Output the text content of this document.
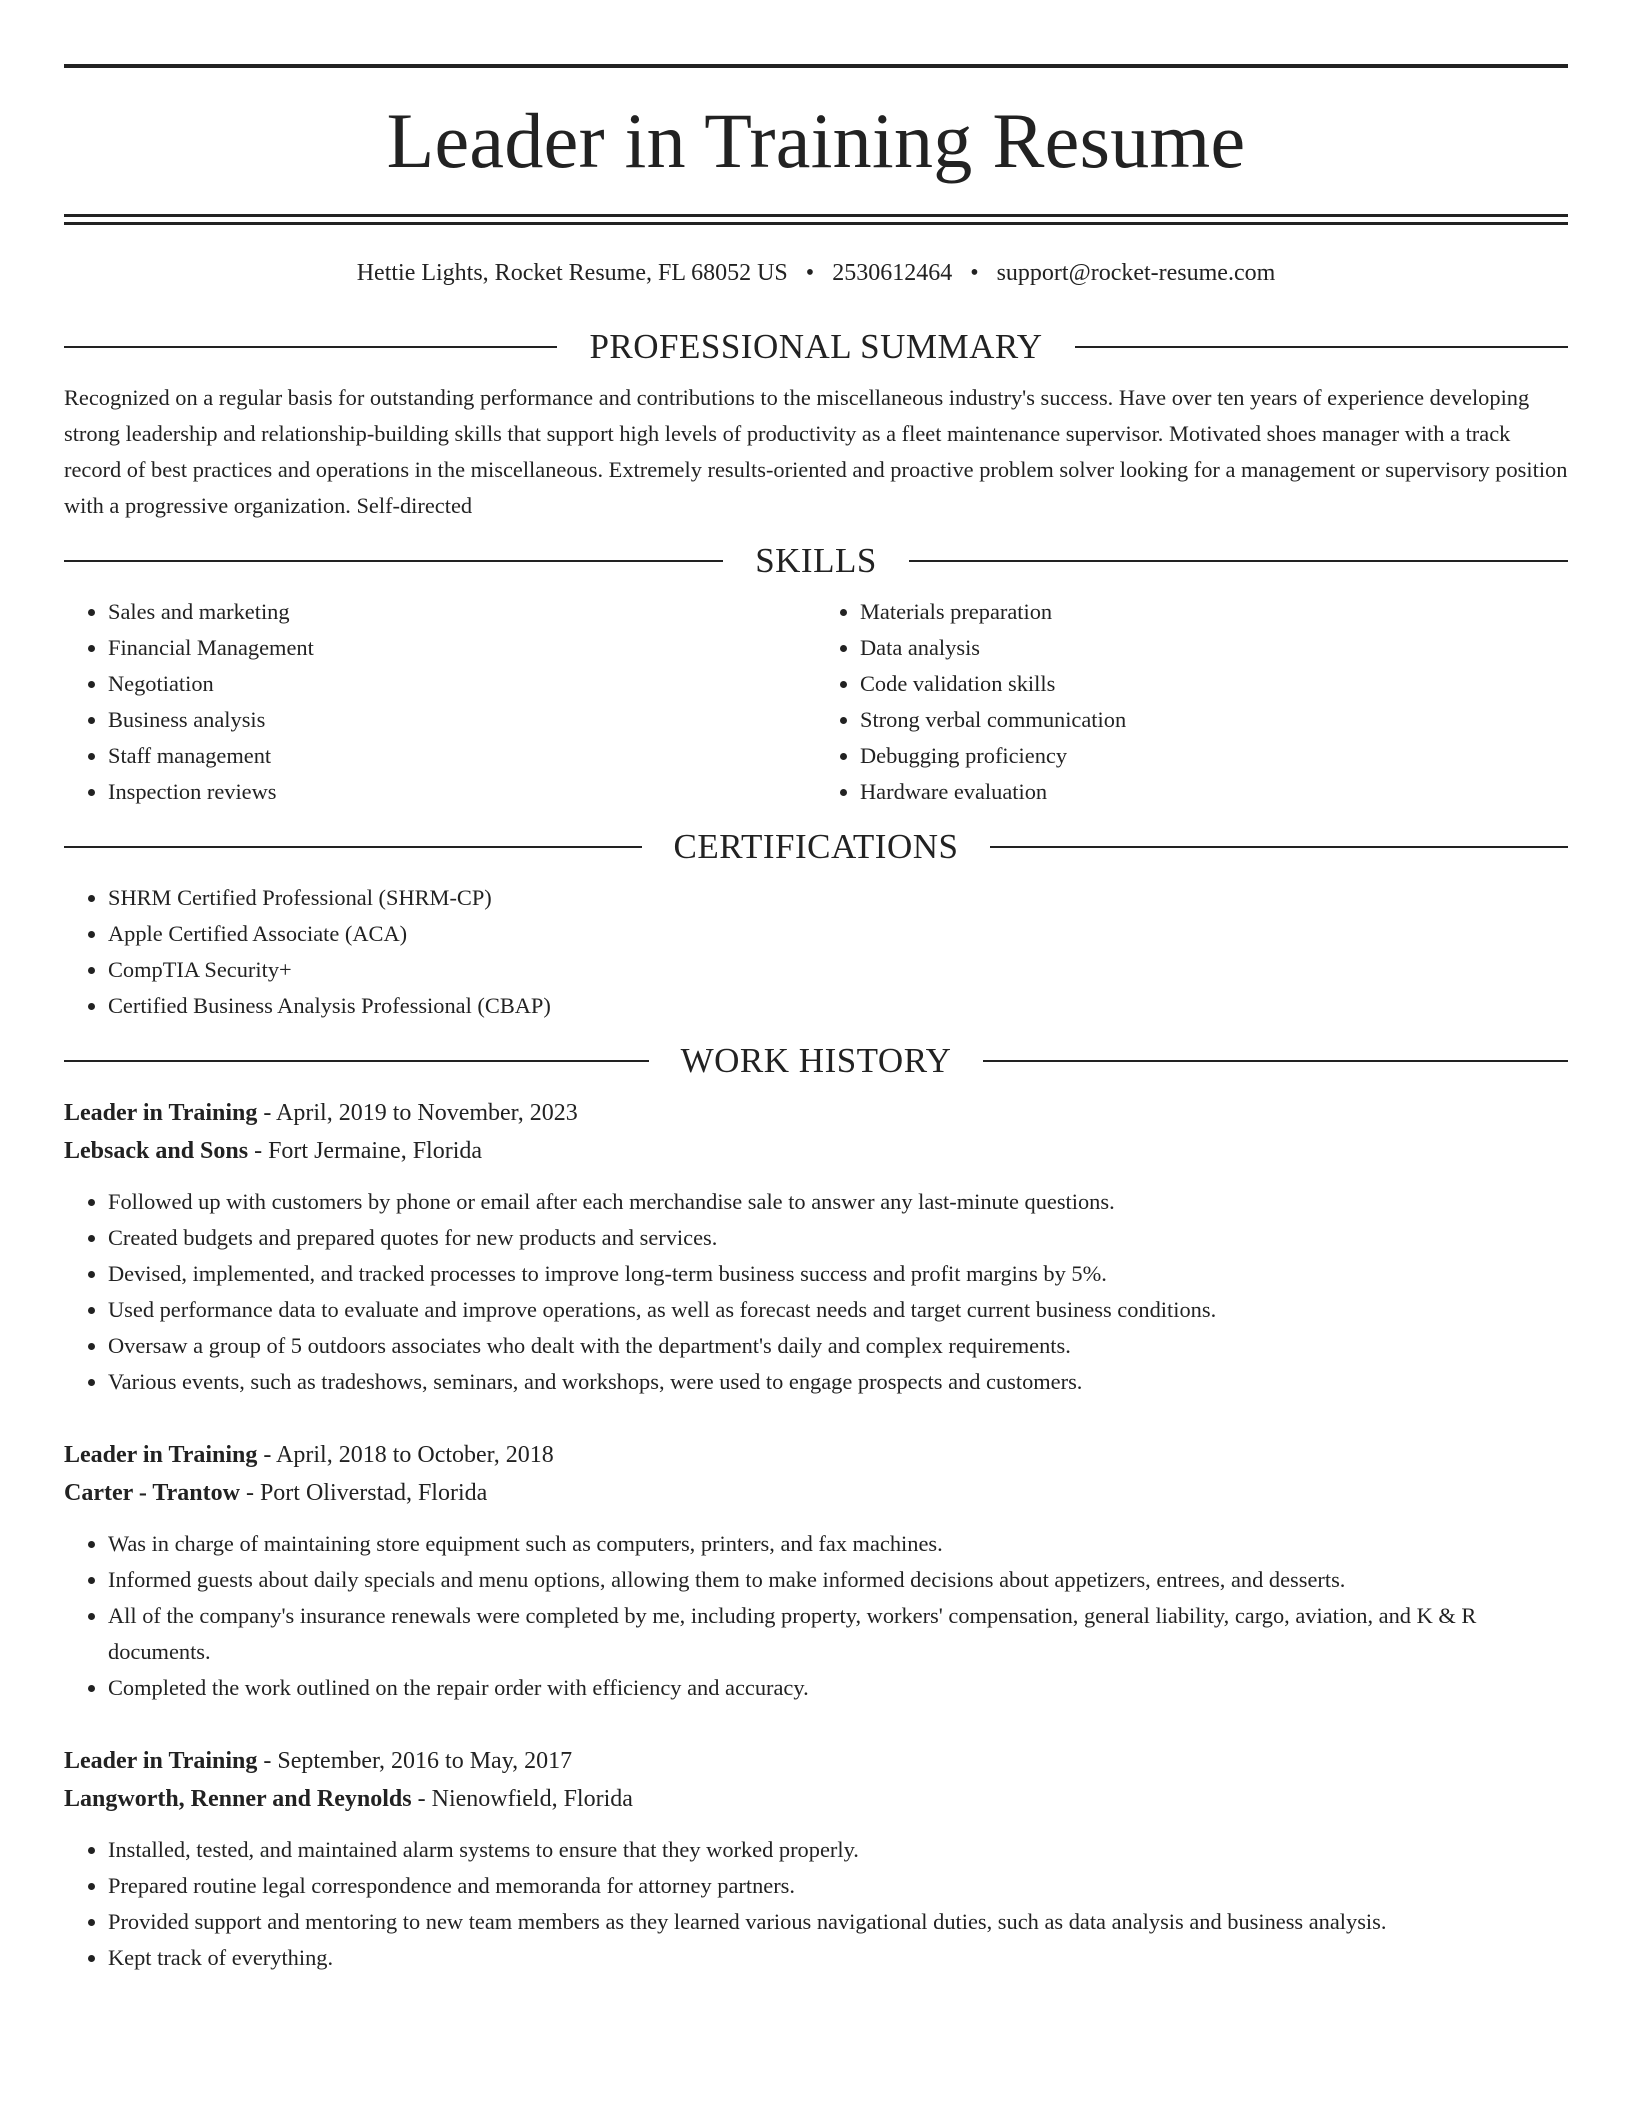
Leader in Training Resume
Hettie Lights, Rocket Resume, FL 68052 US • 2530612464 • support@rocket-resume.com
PROFESSIONAL SUMMARY

Recognized on a regular basis for outstanding performance and contributions to the miscellaneous industry's success. Have over ten years of experience developing strong leadership and relationship-building skills that support high levels of productivity as a fleet maintenance supervisor. Motivated shoes manager with a track record of best practices and operations in the miscellaneous. Extremely results-oriented and proactive problem solver looking for a management or supervisory position with a progressive organization. Self-directed

SKILLS
• Sales and marketing
• Financial Management
• Negotiation
• Business analysis
• Staff management
• Inspection reviews
• Materials preparation
• Data analysis
• Code validation skills
• Strong verbal communication
• Debugging proficiency
• Hardware evaluation
CERTIFICATIONS
• SHRM Certified Professional (SHRM-CP)
• Apple Certified Associate (ACA)
• CompTIA Security+
• Certified Business Analysis Professional (CBAP)
WORK HISTORY
Leader in Training - April, 2019 to November, 2023
Lebsack and Sons - Fort Jermaine, Florida
• Followed up with customers by phone or email after each merchandise sale to answer any last-minute questions.
• Created budgets and prepared quotes for new products and services.
• Devised, implemented, and tracked processes to improve long-term business success and profit margins by 5%.
• Used performance data to evaluate and improve operations, as well as forecast needs and target current business conditions.
• Oversaw a group of 5 outdoors associates who dealt with the department's daily and complex requirements.
• Various events, such as tradeshows, seminars, and workshops, were used to engage prospects and customers.
Leader in Training - April, 2018 to October, 2018
Carter - Trantow - Port Oliverstad, Florida
• Was in charge of maintaining store equipment such as computers, printers, and fax machines.
• Informed guests about daily specials and menu options, allowing them to make informed decisions about appetizers, entrees, and desserts.
• All of the company's insurance renewals were completed by me, including property, workers' compensation, general liability, cargo, aviation, and K & R documents.
• Completed the work outlined on the repair order with efficiency and accuracy.
Leader in Training - September, 2016 to May, 2017
Langworth, Renner and Reynolds - Nienowfield, Florida
• Installed, tested, and maintained alarm systems to ensure that they worked properly.
• Prepared routine legal correspondence and memoranda for attorney partners.
• Provided support and mentoring to new team members as they learned various navigational duties, such as data analysis and business analysis.
• Kept track of everything.
